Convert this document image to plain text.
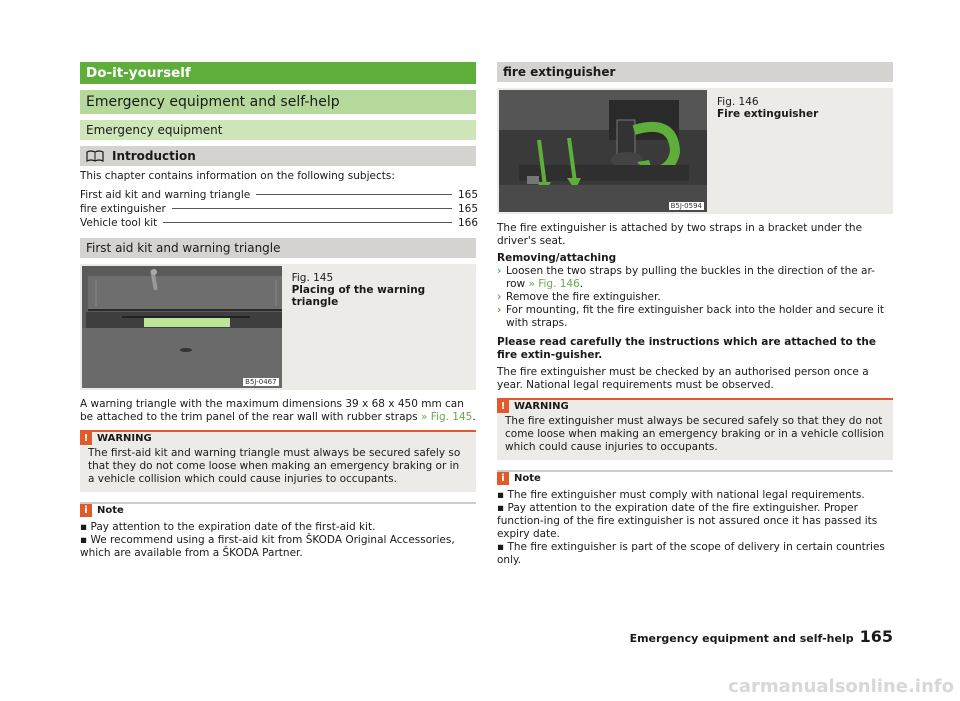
Do-it-yourself
Emergency equipment and self-help
Emergency equipment
Introduction

This chapter contains information on the following subjects:

First aid kit and warning triangle	165
fire extinguisher	165
Vehicle tool kit	166
First aid kit and warning triangle
B5J-0467
Fig. 145
Placing of the warning triangle

A warning triangle with the maximum dimensions 39 x 68 x 450 mm can be attached to the trim panel of the rear wall with rubber straps » Fig. 145.

! WARNING
The first-aid kit and warning triangle must always be secured safely so that they do not come loose when making an emergency braking or in a vehicle collision which could cause injuries to occupants.
i Note
▪ Pay attention to the expiration date of the first-aid kit.
▪ We recommend using a first-aid kit from ŠKODA Original Accessories, which are available from a ŠKODA Partner.
fire extinguisher
B5J-0594
Fig. 146
Fire extinguisher

The fire extinguisher is attached by two straps in a bracket under the driver's seat.

Removing/attaching

› Loosen the two straps by pulling the buckles in the direction of the ar-row » Fig. 146.
› Remove the fire extinguisher.
› For mounting, fit the fire extinguisher back into the holder and secure it with straps.

Please read carefully the instructions which are attached to the fire extin-guisher.

The fire extinguisher must be checked by an authorised person once a year. National legal requirements must be observed.

! WARNING
The fire extinguisher must always be secured safely so that they do not come loose when making an emergency braking or in a vehicle collision which could cause injuries to occupants.
i Note
▪ The fire extinguisher must comply with national legal requirements.
▪ Pay attention to the expiration date of the fire extinguisher. Proper function-ing of the fire extinguisher is not assured once it has passed its expiry date.
▪ The fire extinguisher is part of the scope of delivery in certain countries only.
Emergency equipment and self-help 165
carmanualsonline.info
